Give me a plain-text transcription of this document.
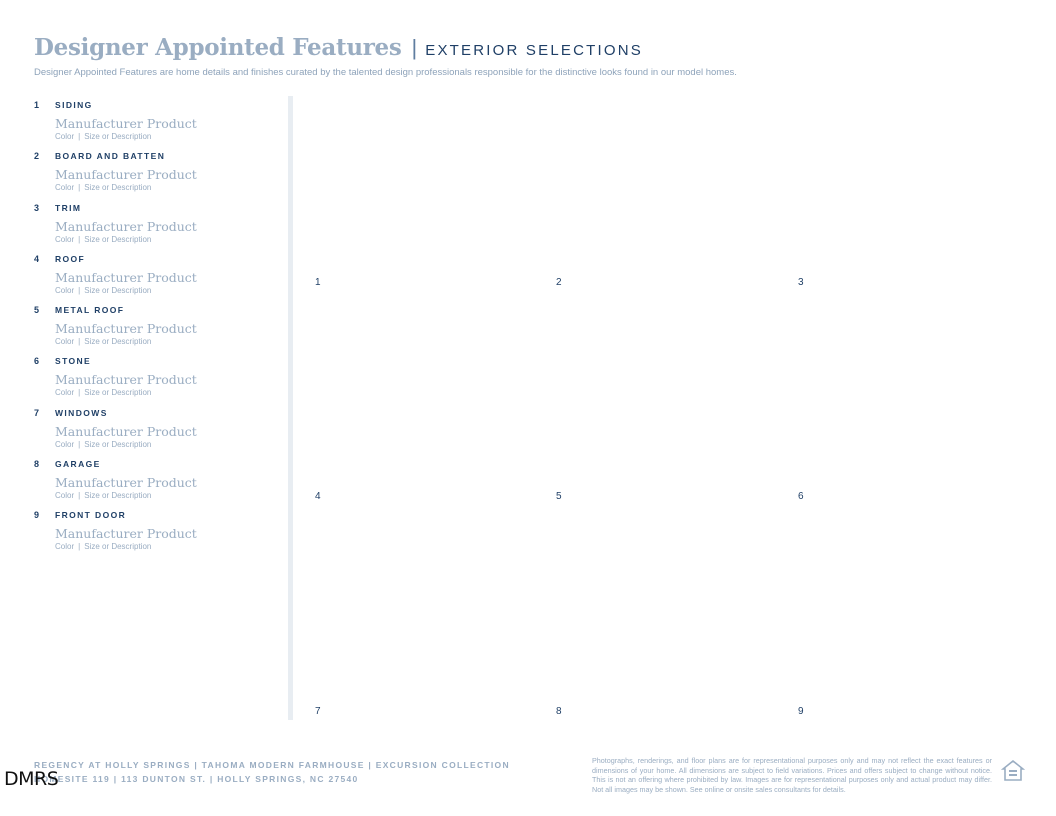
Designer Appointed Features | EXTERIOR SELECTIONS
Designer Appointed Features are home details and finishes curated by the talented design professionals responsible for the distinctive looks found in our model homes.
1	SIDING
Manufacturer Product
Color | Size or Description
2	BOARD AND BATTEN
Manufacturer Product
Color | Size or Description
3	TRIM
Manufacturer Product
Color | Size or Description
4	ROOF
Manufacturer Product
Color | Size or Description
5	METAL ROOF
Manufacturer Product
Color | Size or Description
6	STONE
Manufacturer Product
Color | Size or Description
7	WINDOWS
Manufacturer Product
Color | Size or Description
8	GARAGE
Manufacturer Product
Color | Size or Description
9	FRONT DOOR
Manufacturer Product
Color | Size or Description
1	2	3
4	5	6
7	8	9
REGENCY AT HOLLY SPRINGS | TAHOMA MODERN FARMHOUSE | EXCURSION COLLECTION
HOMESITE 119 | 113 DUNTON ST. | HOLLY SPRINGS, NC 27540
DMRS
Photographs, renderings, and floor plans are for representational purposes only and may not reflect the exact features or dimensions of your home. All dimensions are subject to field variations. Prices and offers subject to change without notice. This is not an offering where prohibited by law. Images are for representational purposes only and actual product may differ. Not all images may be shown. See online or onsite sales consultants for details.
